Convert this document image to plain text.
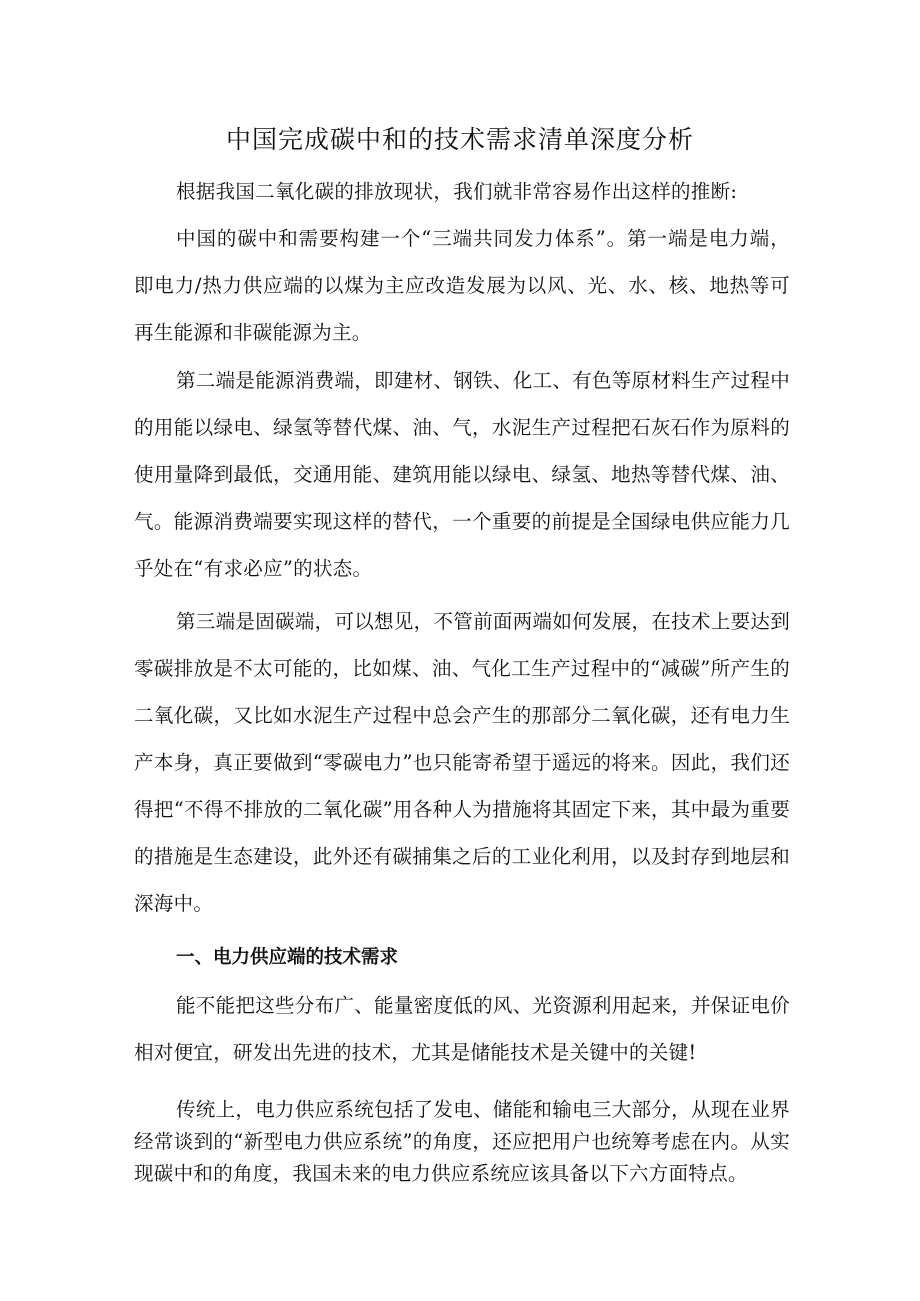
中国完成碳中和的技术需求清单深度分析

根据我国二氧化碳的排放现状，我们就非常容易作出这样的推断:

中国的碳中和需要构建一个“三端共同发力体系”。第一端是电力端，即电力/热力供应端的以煤为主应改造发展为以风、光、水、核、地热等可再生能源和非碳能源为主。

第二端是能源消费端，即建材、钢铁、化工、有色等原材料生产过程中的用能以绿电、绿氢等替代煤、油、气，水泥生产过程把石灰石作为原料的使用量降到最低，交通用能、建筑用能以绿电、绿氢、地热等替代煤、油、气。能源消费端要实现这样的替代，一个重要的前提是全国绿电供应能力几乎处在“有求必应”的状态。

第三端是固碳端，可以想见，不管前面两端如何发展，在技术上要达到零碳排放是不太可能的，比如煤、油、气化工生产过程中的“减碳”所产生的二氧化碳，又比如水泥生产过程中总会产生的那部分二氧化碳，还有电力生产本身，真正要做到“零碳电力”也只能寄希望于遥远的将来。因此，我们还得把“不得不排放的二氧化碳”用各种人为措施将其固定下来，其中最为重要的措施是生态建设，此外还有碳捕集之后的工业化利用，以及封存到地层和深海中。

一、电力供应端的技术需求

能不能把这些分布广、能量密度低的风、光资源利用起来，并保证电价相对便宜，研发出先进的技术，尤其是储能技术是关键中的关键!

传统上，电力供应系统包括了发电、储能和输电三大部分，从现在业界经常谈到的“新型电力供应系统”的角度，还应把用户也统筹考虑在内。从实现碳中和的角度，我国未来的电力供应系统应该具备以下六方面特点。
